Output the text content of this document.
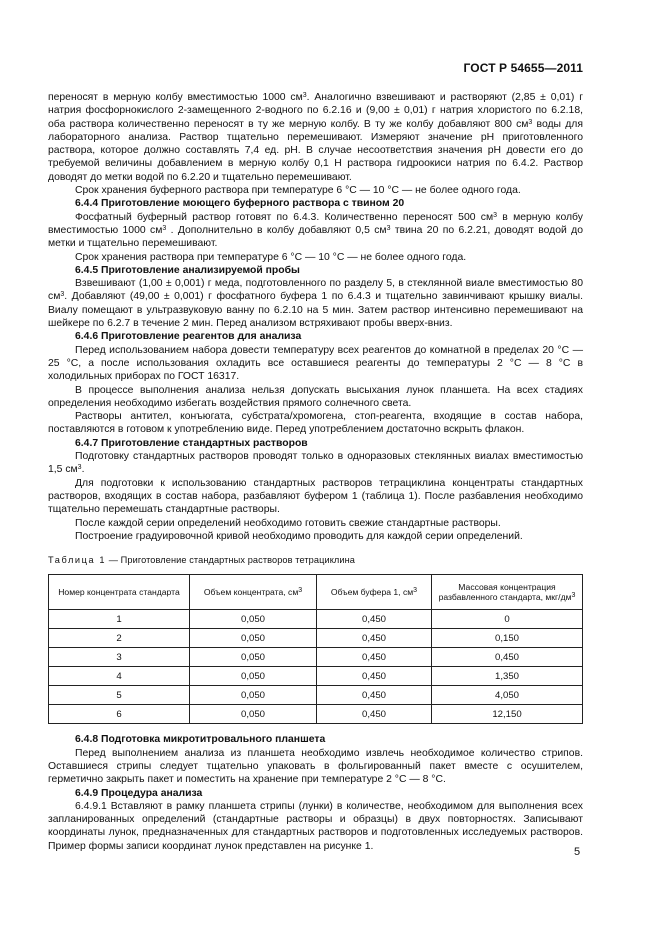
ГОСТ Р 54655—2011

переносят в мерную колбу вместимостью 1000 $см^3$. Аналогично взвешивают и растворяют (2,85 ± 0,01) г натрия фосфорнокислого 2-замещенного 2-водного по 6.2.16 и (9,00 ± 0,01) г натрия хлористого по 6.2.18, оба раствора количественно переносят в ту же мерную колбу. В ту же колбу добавляют 800 $см^3$ воды для лабораторного анализа. Раствор тщательно перемешивают. Измеряют значение рН приготовленного раствора, которое должно составлять 7,4 ед. рН. В случае несоответствия значения рН довести его до требуемой величины добавлением в мерную колбу 0,1 Н раствора гидроокиси натрия по 6.4.2. Раствор доводят до метки водой по 6.2.20 и тщательно перемешивают.

Срок хранения буферного раствора при температуре 6 °С — 10 °С — не более одного года.

6.4.4 Приготовление моющего буферного раствора с твином 20

Фосфатный буферный раствор готовят по 6.4.3. Количественно переносят 500 $см^3$ в мерную колбу вместимостью 1000 $см^3$ . Дополнительно в колбу добавляют 0,5 $см^3$ твина 20 по 6.2.21, доводят водой до метки и тщательно перемешивают.

Срок хранения раствора при температуре 6 °С — 10 °С — не более одного года.

6.4.5 Приготовление анализируемой пробы

Взвешивают (1,00 ± 0,001) г меда, подготовленного по разделу 5, в стеклянной виале вместимостью 80 $см^3$. Добавляют (49,00 ± 0,001) г фосфатного буфера 1 по 6.4.3 и тщательно завинчивают крышку виалы. Виалу помещают в ультразвуковую ванну по 6.2.10 на 5 мин. Затем раствор интенсивно перемешивают на шейкере по 6.2.7 в течение 2 мин. Перед анализом встряхивают пробы вверх-вниз.

6.4.6 Приготовление реагентов для анализа

Перед использованием набора довести температуру всех реагентов до комнатной в пределах 20 °С — 25 °С, а после использования охладить все оставшиеся реагенты до температуры 2 °С — 8 °С в холодильных приборах по ГОСТ 16317.

В процессе выполнения анализа нельзя допускать высыхания лунок планшета. На всех стадиях определения необходимо избегать воздействия прямого солнечного света.

Растворы антител, конъюгата, субстрата/хромогена, стоп-реагента, входящие в состав набора, поставляются в готовом к употреблению виде. Перед употреблением достаточно вскрыть флакон.

6.4.7 Приготовление стандартных растворов

Подготовку стандартных растворов проводят только в одноразовых стеклянных виалах вместимостью 1,5 $см^3$.

Для подготовки к использованию стандартных растворов тетрациклина концентраты стандартных растворов, входящих в состав набора, разбавляют буфером 1 (таблица 1). После разбавления необходимо тщательно перемешать стандартные растворы.

После каждой серии определений необходимо готовить свежие стандартные растворы.

Построение градуировочной кривой необходимо проводить для каждой серии определений.

Таблица 1 — Приготовление стандартных растворов тетрациклина
Номер концентрата стандарта	Объем концентрата, $см^3$	Объем буфера 1, $см^3$	Массовая концентрация разбавленного стандарта, мкг/$дм^3$
1	0,050	0,450	0
2	0,050	0,450	0,150
3	0,050	0,450	0,450
4	0,050	0,450	1,350
5	0,050	0,450	4,050
6	0,050	0,450	12,150

6.4.8 Подготовка микротитровального планшета

Перед выполнением анализа из планшета необходимо извлечь необходимое количество стрипов. Оставшиеся стрипы следует тщательно упаковать в фольгированный пакет вместе с осушителем, герметично закрыть пакет и поместить на хранение при температуре 2 °С — 8 °С.

6.4.9 Процедура анализа

6.4.9.1 Вставляют в рамку планшета стрипы (лунки) в количестве, необходимом для выполнения всех запланированных определений (стандартные растворы и образцы) в двух повторностях. Записывают координаты лунок, предназначенных для стандартных растворов и подготовленных исследуемых растворов. Пример формы записи координат лунок представлен на рисунке 1.	5
